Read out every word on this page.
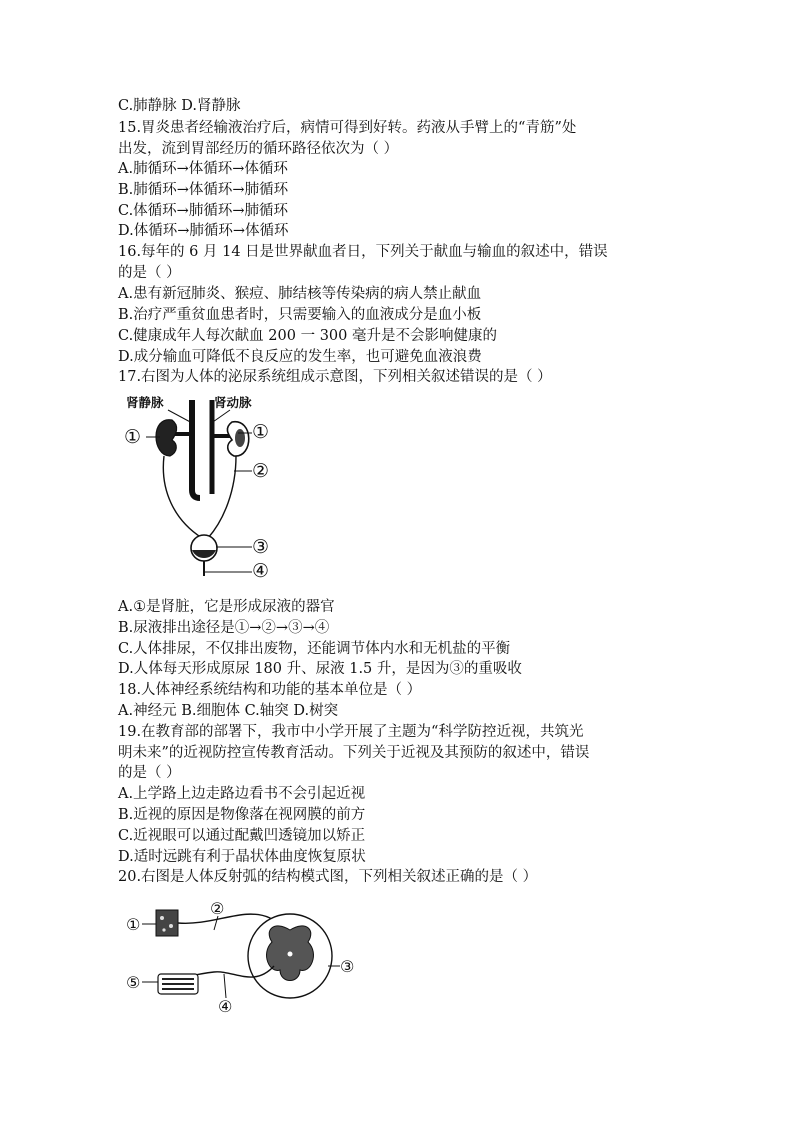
C.肺静脉 D.肾静脉
15.胃炎患者经输液治疗后，病情可得到好转。药液从手臂上的“青筋”处
出发，流到胃部经历的循环路径依次为（ ）
A.肺循环→体循环→体循环
B.肺循环→体循环→肺循环
C.体循环→肺循环→肺循环
D.体循环→肺循环→体循环
16.每年的 6 月 14 日是世界献血者日，下列关于献血与输血的叙述中，错误
的是（ ）
A.患有新冠肺炎、猴痘、肺结核等传染病的病人禁止献血
B.治疗严重贫血患者时，只需要输入的血液成分是血小板
C.健康成年人每次献血 200 一 300 毫升是不会影响健康的
D.成分输血可降低不良反应的发生率，也可避免血液浪费
17.右图为人体的泌尿系统组成示意图，下列相关叙述错误的是（ ）
肾静脉	肾动脉
①	①
②
③
④
A.①是肾脏，它是形成尿液的器官
B.尿液排出途径是①→②→③→④
C.人体排尿，不仅排出废物，还能调节体内水和无机盐的平衡
D.人体每天形成原尿 180 升、尿液 1.5 升，是因为③的重吸收
18.人体神经系统结构和功能的基本单位是（ ）
A.神经元 B.细胞体 C.轴突 D.树突
19.在教育部的部署下，我市中小学开展了主题为“科学防控近视，共筑光
明未来”的近视防控宣传教育活动。下列关于近视及其预防的叙述中，错误
的是（ ）
A.上学路上边走路边看书不会引起近视
B.近视的原因是物像落在视网膜的前方
C.近视眼可以通过配戴凹透镜加以矫正
D.适时远跳有利于晶状体曲度恢复原状
20.右图是人体反射弧的结构模式图，下列相关叙述正确的是（ ）
①
②
③
④
⑤
